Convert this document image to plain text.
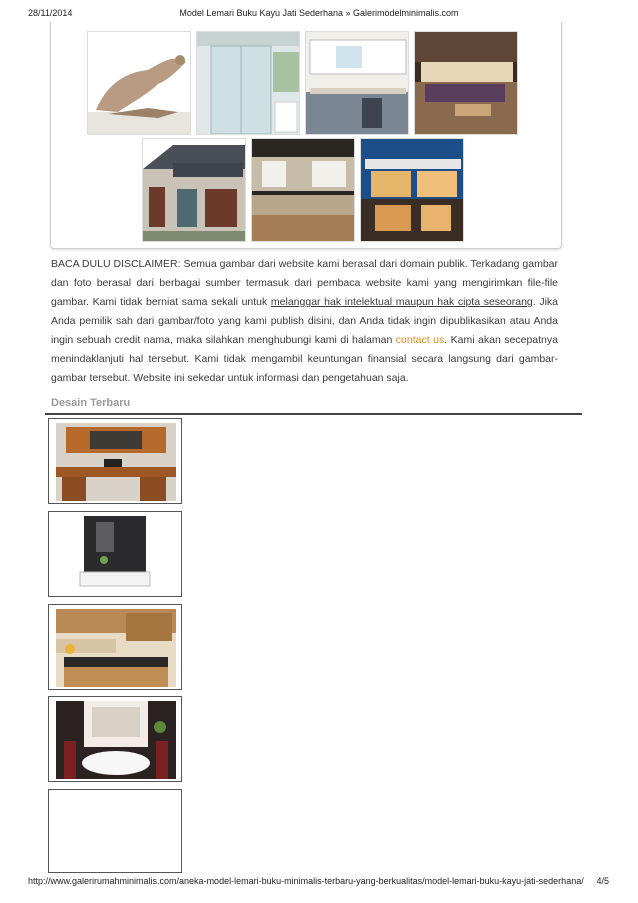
28/11/2014	Model Lemari Buku Kayu Jati Sederhana » Galerimodelminimalis.com
BACA DULU DISCLAIMER: Semua gambar dari website kami berasal dari domain publik. Terkadang gambar dan foto berasal dari berbagai sumber termasuk dari pembaca website kami yang mengirimkan file-file gambar. Kami tidak berniat sama sekali untuk melanggar hak intelektual maupun hak cipta seseorang. Jika Anda pemilik sah dari gambar/foto yang kami publish disini, dan Anda tidak ingin dipublikasikan atau Anda ingin sebuah credit nama, maka silahkan menghubungi kami di halaman contact us. Kami akan secepatnya menindaklanjuti hal tersebut. Kami tidak mengambil keuntungan finansial secara langsung dari gambar-gambar tersebut. Website ini sekedar untuk informasi dan pengetahuan saja.
Desain Terbaru
http://www.galerirumahminimalis.com/aneka-model-lemari-buku-minimalis-terbaru-yang-berkualitas/model-lemari-buku-kayu-jati-sederhana/ 4/5
